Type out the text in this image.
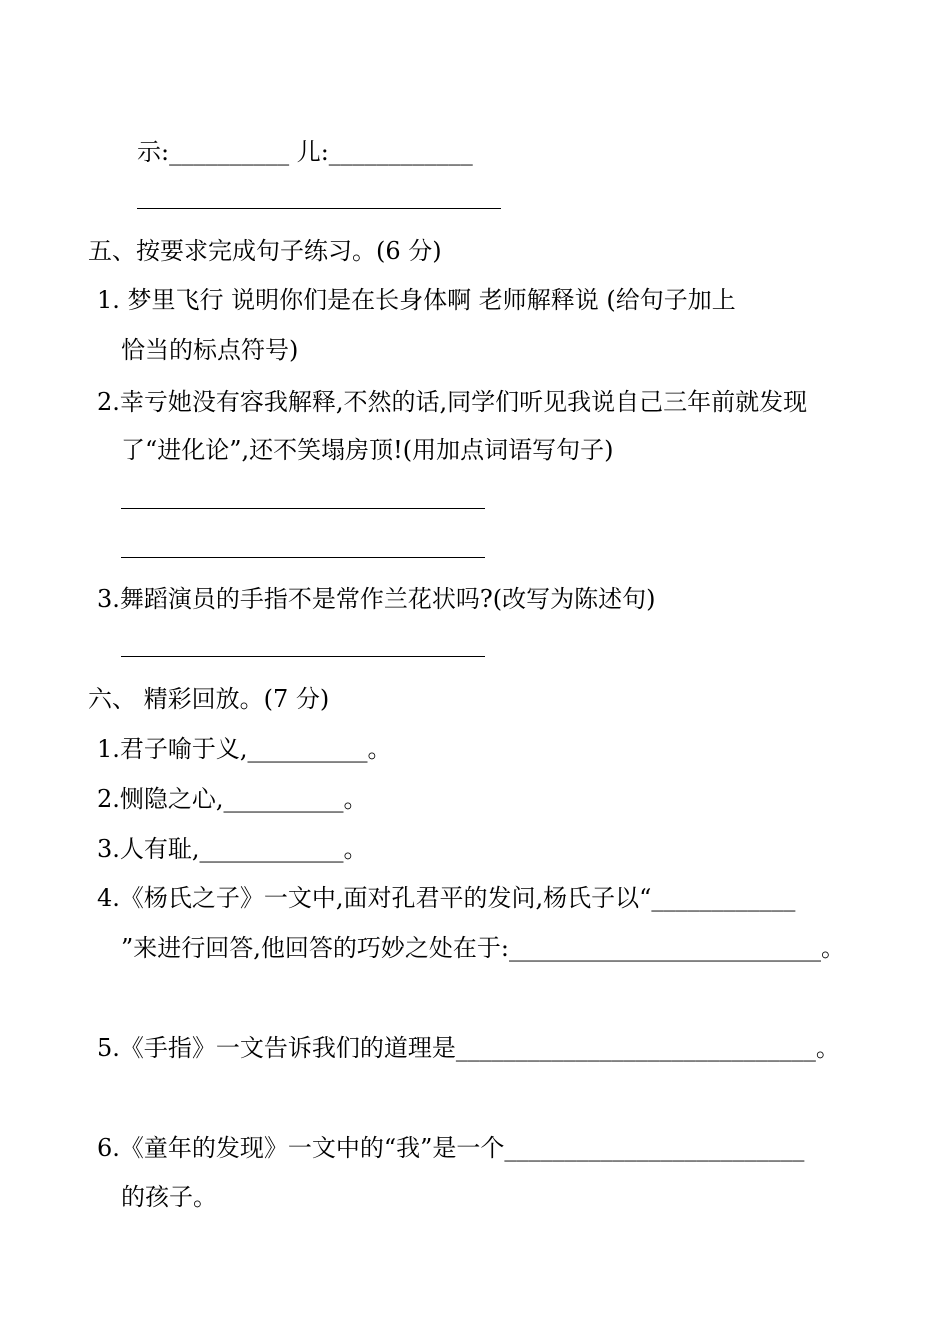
示:__________ 儿:____________
五、按要求完成句子练习。(6 分)
1. 梦里飞行 说明你们是在长身体啊 老师解释说 (给句子加上
恰当的标点符号)
2.幸亏她没有容我解释,不然的话,同学们听见我说自己三年前就发现
了“进化论”,还不笑塌房顶!(用加点词语写句子)
3.舞蹈演员的手指不是常作兰花状吗?(改写为陈述句)
六、 精彩回放。(7 分)
1.君子喻于义,__________。
2.恻隐之心,__________。
3.人有耻,____________。
4.《杨氏之子》一文中,面对孔君平的发问,杨氏子以“____________
”来进行回答,他回答的巧妙之处在于:__________________________。
5.《手指》一文告诉我们的道理是______________________________。
6.《童年的发现》一文中的“我”是一个_________________________
的孩子。
